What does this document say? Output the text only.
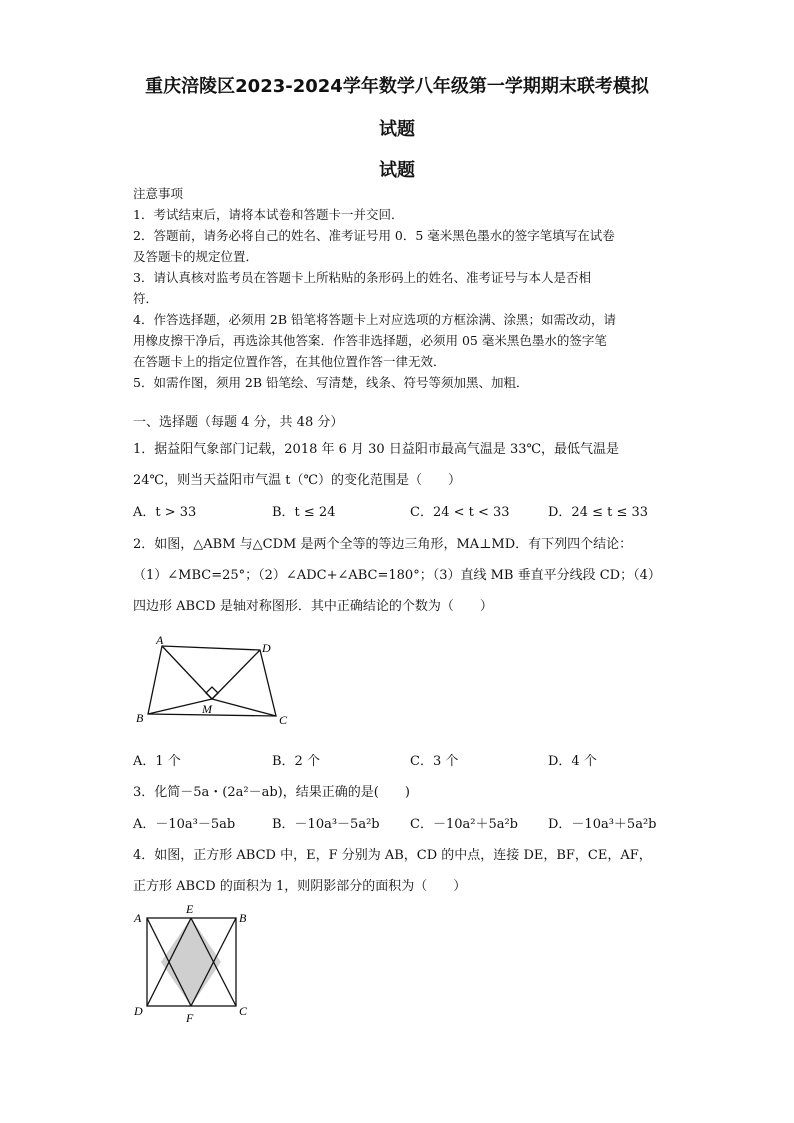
重庆涪陵区2023-2024学年数学八年级第一学期期末联考模拟
试题
试题
注意事项
1．考试结束后，请将本试卷和答题卡一并交回．
2．答题前，请务必将自己的姓名、准考证号用 0．5 毫米黑色墨水的签字笔填写在试卷
及答题卡的规定位置．
3．请认真核对监考员在答题卡上所粘贴的条形码上的姓名、准考证号与本人是否相
符．
4．作答选择题，必须用 2B 铅笔将答题卡上对应选项的方框涂满、涂黑；如需改动，请
用橡皮擦干净后，再选涂其他答案．作答非选择题，必须用 05 毫米黑色墨水的签字笔
在答题卡上的指定位置作答，在其他位置作答一律无效．
5．如需作图，须用 2B 铅笔绘、写清楚，线条、符号等须加黑、加粗．
一、选择题（每题 4 分，共 48 分）
1．据益阳气象部门记载，2018 年 6 月 30 日益阳市最高气温是 33℃，最低气温是
24℃，则当天益阳市气温 t（℃）的变化范围是（　　）
A．t > 33	B．t ≤ 24	C．24 < t < 33	D．24 ≤ t ≤ 33
2．如图，△ABM 与△CDM 是两个全等的等边三角形，MA⊥MD．有下列四个结论：
（1）∠MBC=25°；（2）∠ADC+∠ABC=180°；（3）直线 MB 垂直平分线段 CD；（4）
四边形 ABCD 是轴对称图形．其中正确结论的个数为（　　）
A
D
B	C
M
A．1 个	B．2 个	C．3 个	D．4 个
3．化简－5a・(2a²－ab)，结果正确的是(　　)
A．－10a³－5ab	B．－10a³－5a²b C．－10a²＋5a²b D．－10a³＋5a²b
4．如图，正方形 ABCD 中，E，F 分别为 AB，CD 的中点，连接 DE，BF，CE，AF，
正方形 ABCD 的面积为 1，则阴影部分的面积为（　　）
A
E
B
D	F	C
